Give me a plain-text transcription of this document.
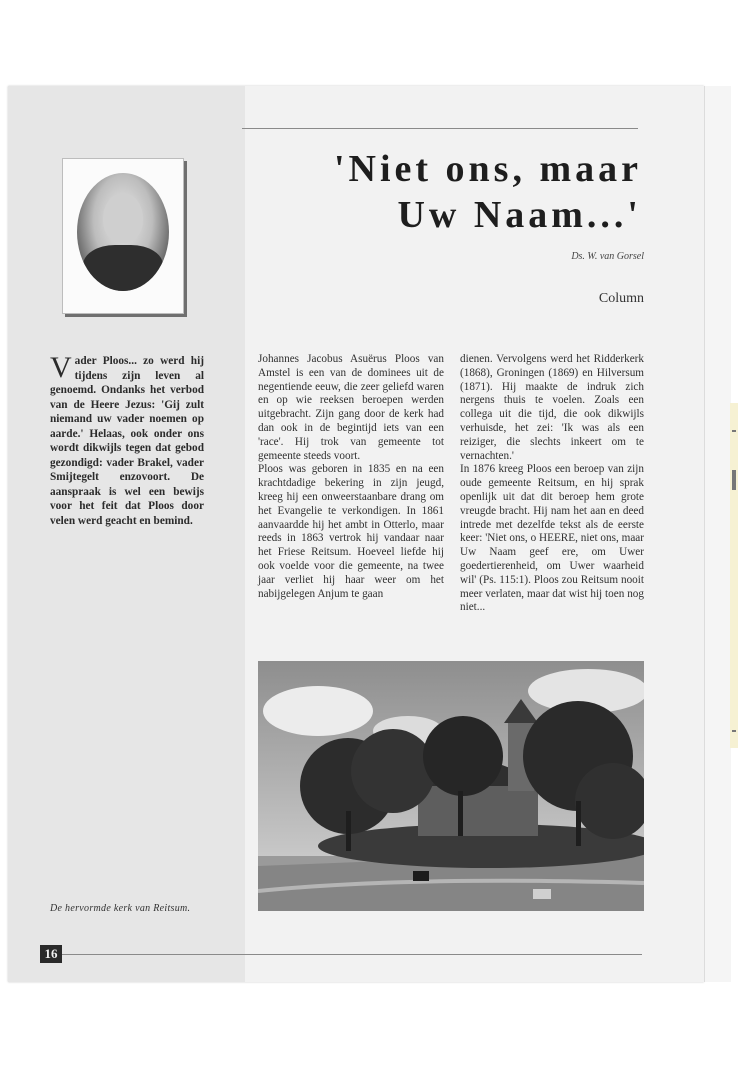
'Niet ons, maar
Uw Naam...'
Ds. W. van Gorsel
Column
Vader Ploos... zo werd hij tijdens zijn leven al genoemd. Ondanks het verbod van de Heere Jezus: 'Gij zult niemand uw vader noemen op aarde.' Helaas, ook onder ons wordt dikwijls tegen dat gebod gezondigd: vader Brakel, vader Smijtegelt enzovoort. De aanspraak is wel een bewijs voor het feit dat Ploos door velen werd geacht en bemind.

Johannes Jacobus Asuërus Ploos van Amstel is een van de dominees uit de negentiende eeuw, die zeer geliefd waren en op wie reeksen beroepen werden uitgebracht. Zijn gang door de kerk had dan ook in de begintijd iets van een 'race'. Hij trok van gemeente tot gemeente steeds voort.

Ploos was geboren in 1835 en na een krachtdadige bekering in zijn jeugd, kreeg hij een onweerstaanbare drang om het Evangelie te verkondigen. In 1861 aanvaardde hij het ambt in Otterlo, maar reeds in 1863 vertrok hij vandaar naar het Friese Reitsum. Hoeveel liefde hij ook voelde voor die gemeente, na twee jaar verliet hij haar weer om het nabijgelegen Anjum te gaan

dienen. Vervolgens werd het Ridderkerk (1868), Groningen (1869) en Hilversum (1871). Hij maakte de indruk zich nergens thuis te voelen. Zoals een collega uit die tijd, die ook dikwijls verhuisde, het zei: 'Ik was als een reiziger, die slechts inkeert om te vernachten.'

In 1876 kreeg Ploos een beroep van zijn oude gemeente Reitsum, en hij sprak openlijk uit dat dit beroep hem grote vreugde bracht. Hij nam het aan en deed intrede met dezelfde tekst als de eerste keer: 'Niet ons, o HEERE, niet ons, maar Uw Naam geef ere, om Uwer goedertierenheid, om Uwer waarheid wil' (Ps. 115:1). Ploos zou Reitsum nooit meer verlaten, maar dat wist hij toen nog niet...

De hervormde kerk van Reitsum.
16
